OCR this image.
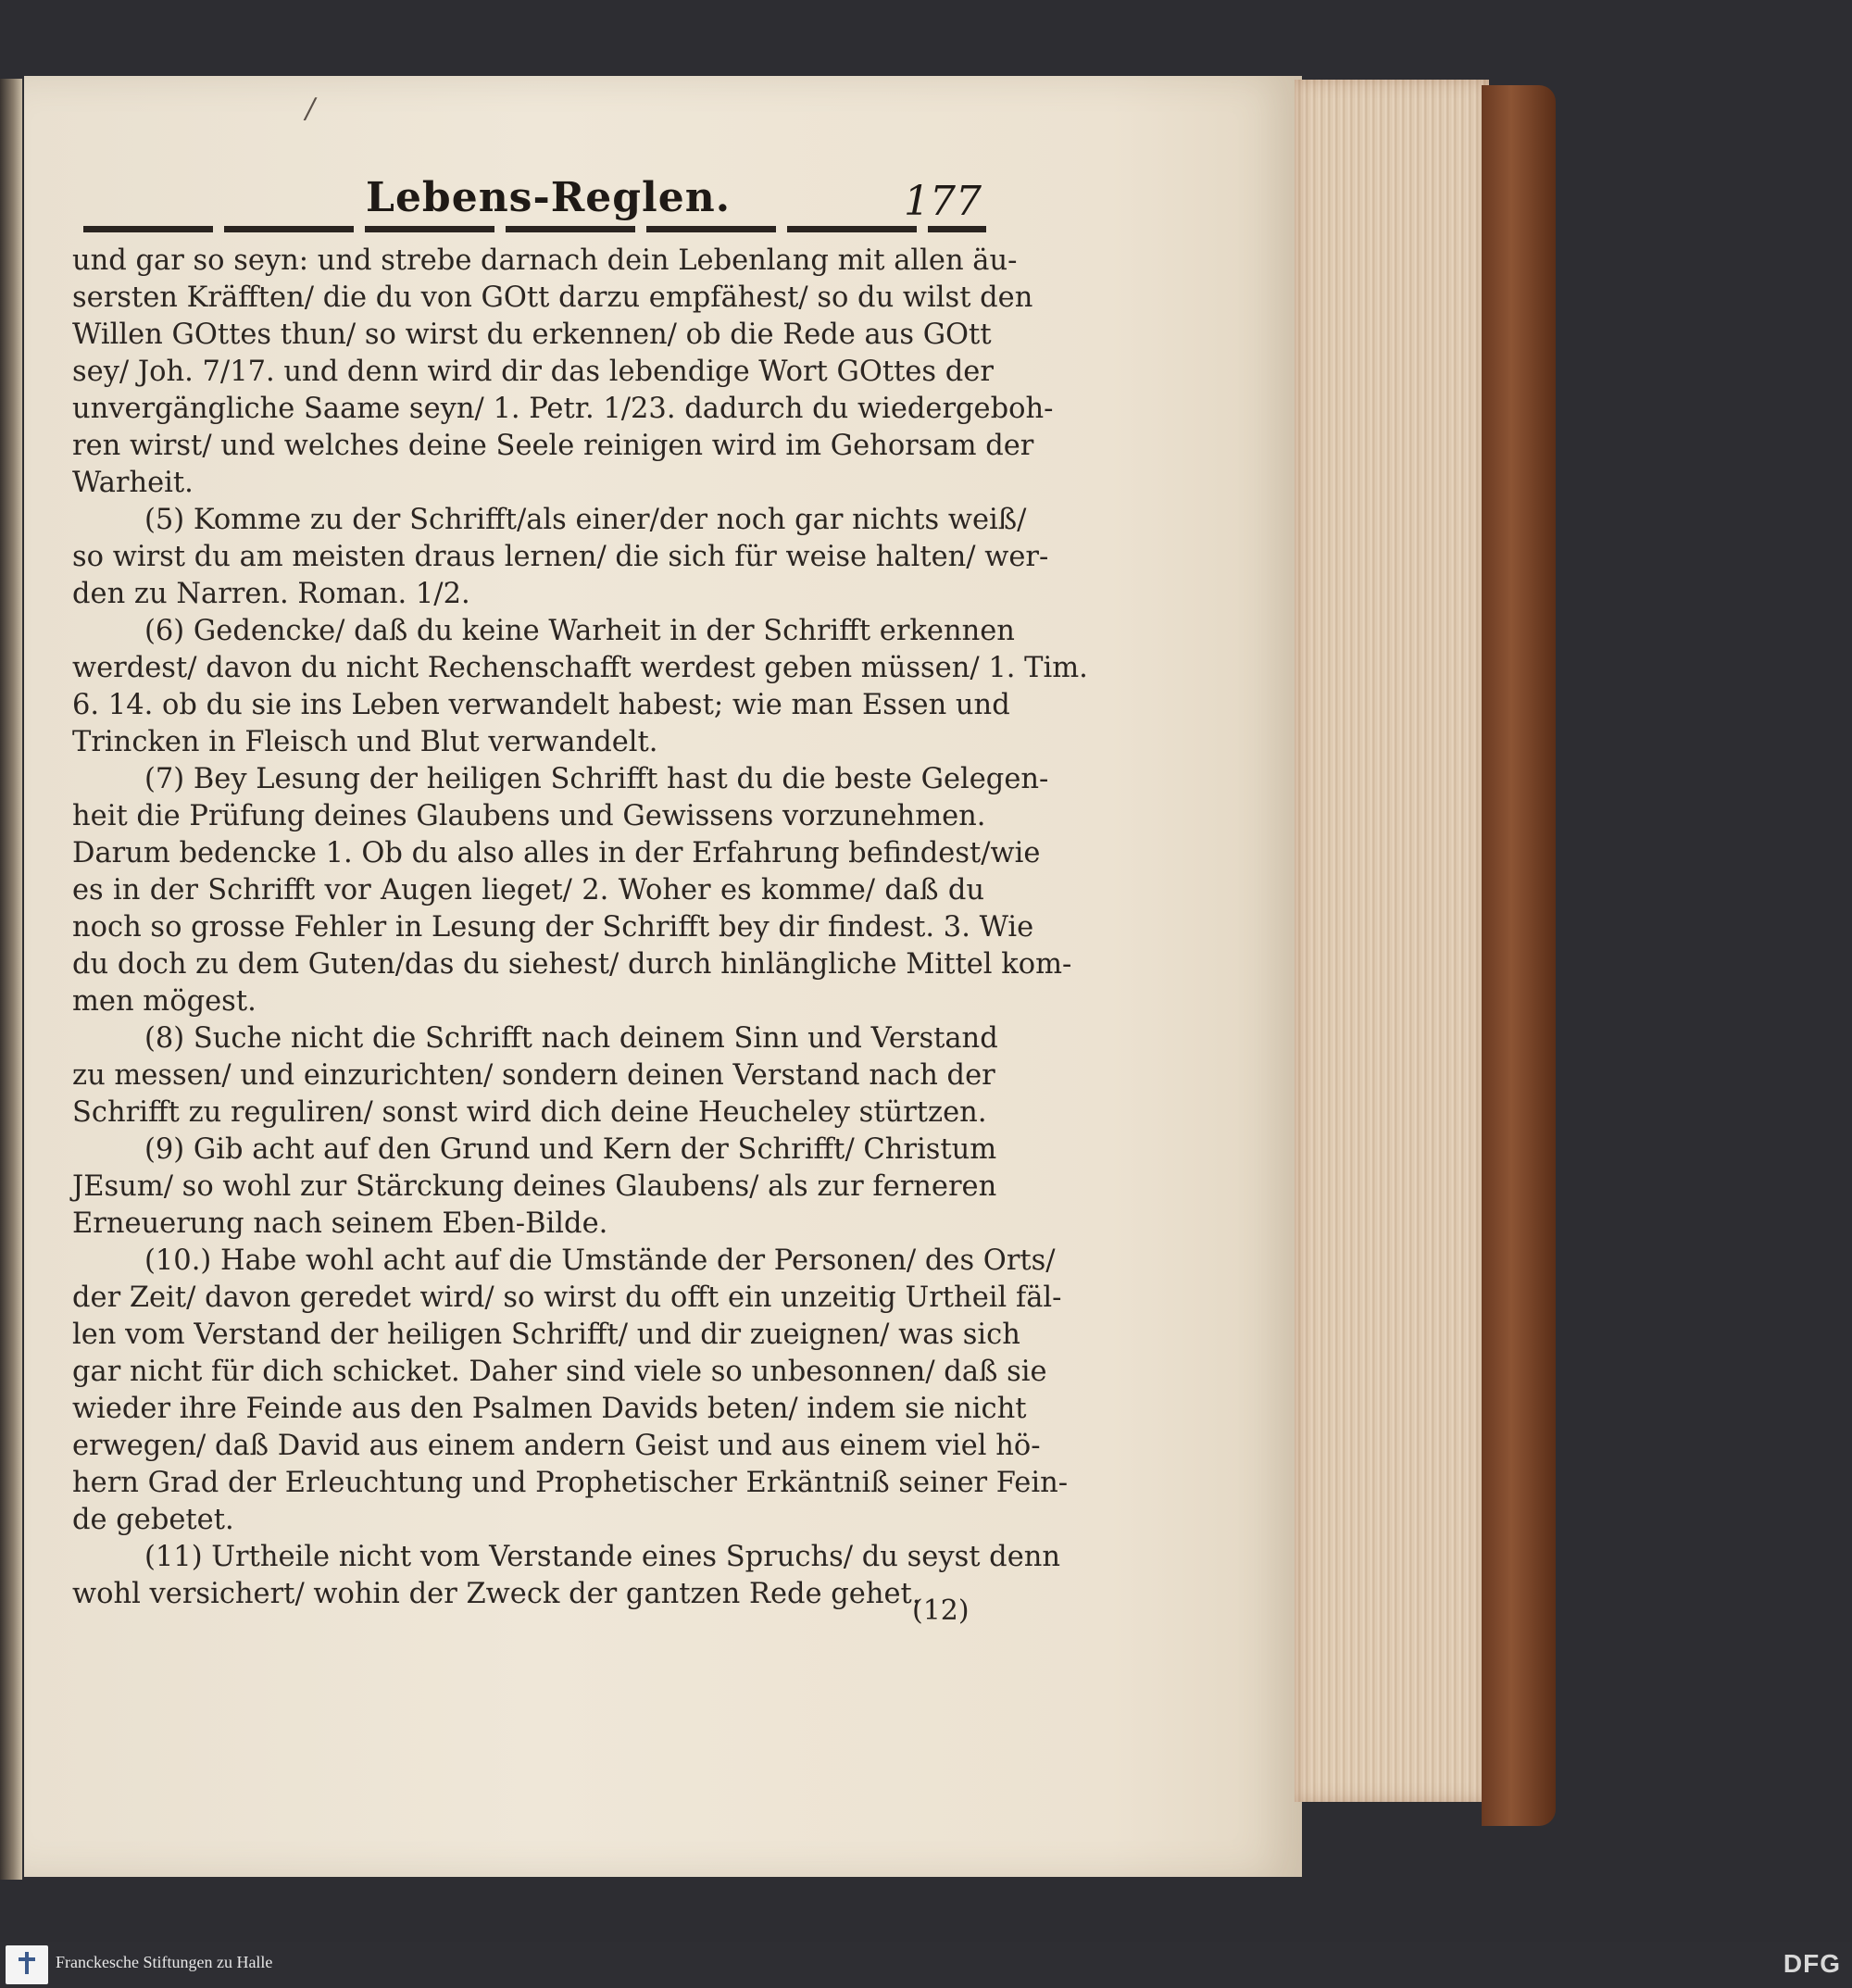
/
Lebens-Reglen.	177
und gar so seyn: und strebe darnach dein Lebenlang mit allen äu-
sersten Kräfften/ die du von GOtt darzu empfähest/ so du wilst den
Willen GOttes thun/ so wirst du erkennen/ ob die Rede aus GOtt
sey/ Joh. 7/17. und denn wird dir das lebendige Wort GOttes der
unvergängliche Saame seyn/ 1. Petr. 1/23. dadurch du wiedergeboh-
ren wirst/ und welches deine Seele reinigen wird im Gehorsam der
Warheit.
(5) Komme zu der Schrifft/als einer/der noch gar nichts weiß/
so wirst du am meisten draus lernen/ die sich für weise halten/ wer-
den zu Narren. Roman. 1/2.
(6) Gedencke/ daß du keine Warheit in der Schrifft erkennen
werdest/ davon du nicht Rechenschafft werdest geben müssen/ 1. Tim.
6. 14. ob du sie ins Leben verwandelt habest; wie man Essen und
Trincken in Fleisch und Blut verwandelt.
(7) Bey Lesung der heiligen Schrifft hast du die beste Gelegen-
heit die Prüfung deines Glaubens und Gewissens vorzunehmen.
Darum bedencke 1. Ob du also alles in der Erfahrung befindest/wie
es in der Schrifft vor Augen lieget/ 2. Woher es komme/ daß du
noch so grosse Fehler in Lesung der Schrifft bey dir findest. 3. Wie
du doch zu dem Guten/das du siehest/ durch hinlängliche Mittel kom-
men mögest.
(8) Suche nicht die Schrifft nach deinem Sinn und Verstand
zu messen/ und einzurichten/ sondern deinen Verstand nach der
Schrifft zu reguliren/ sonst wird dich deine Heucheley stürtzen.
(9) Gib acht auf den Grund und Kern der Schrifft/ Christum
JEsum/ so wohl zur Stärckung deines Glaubens/ als zur ferneren
Erneuerung nach seinem Eben-Bilde.
(10.) Habe wohl acht auf die Umstände der Personen/ des Orts/
der Zeit/ davon geredet wird/ so wirst du offt ein unzeitig Urtheil fäl-
len vom Verstand der heiligen Schrifft/ und dir zueignen/ was sich
gar nicht für dich schicket. Daher sind viele so unbesonnen/ daß sie
wieder ihre Feinde aus den Psalmen Davids beten/ indem sie nicht
erwegen/ daß David aus einem andern Geist und aus einem viel hö-
hern Grad der Erleuchtung und Prophetischer Erkäntniß seiner Fein-
de gebetet.
(11) Urtheile nicht vom Verstande eines Spruchs/ du seyst denn
wohl versichert/ wohin der Zweck der gantzen Rede gehet.
(12)
Franckesche Stiftungen zu Halle	DFG
